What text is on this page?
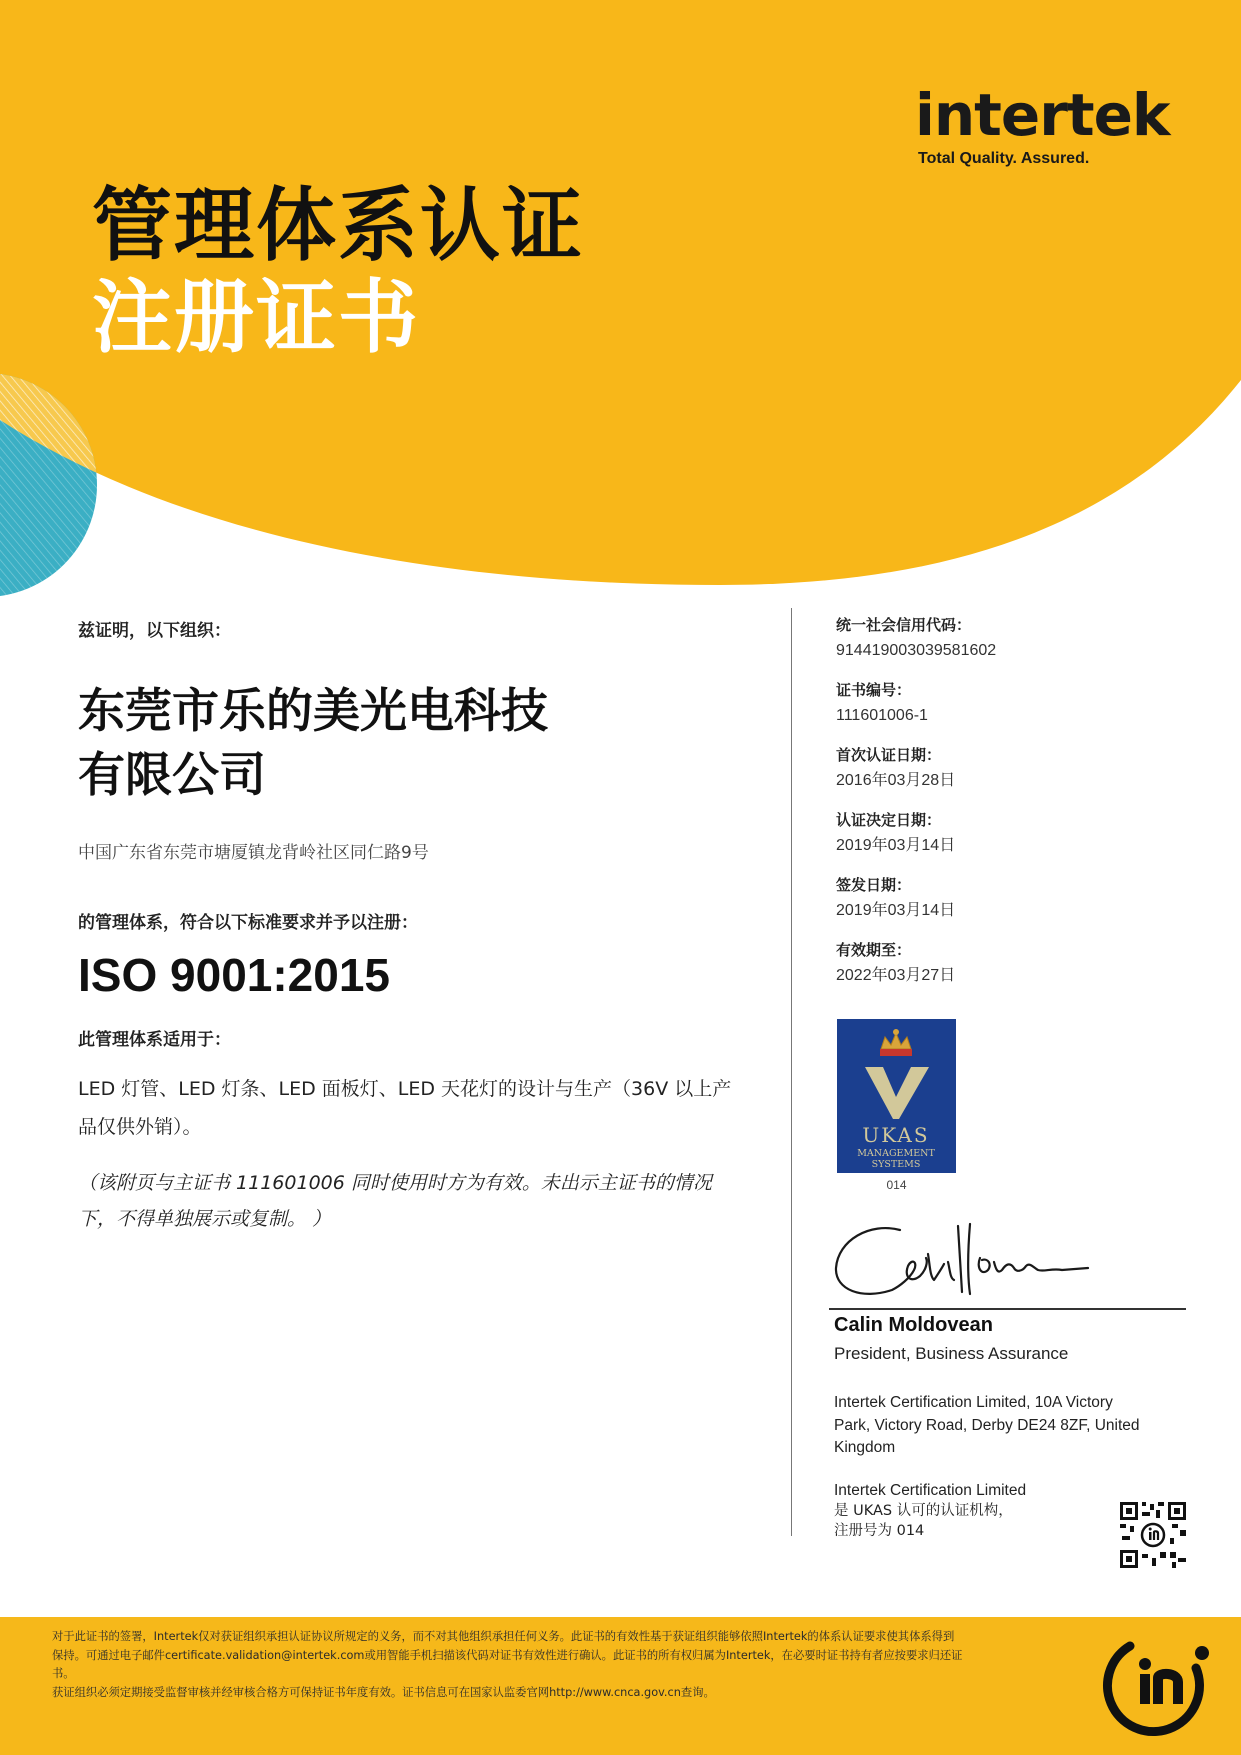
intertek
Total Quality. Assured.
管理体系认证
注册证书
兹证明，以下组织：
东莞市乐的美光电科技
有限公司
中国广东省东莞市塘厦镇龙背岭社区同仁路9号
的管理体系，符合以下标准要求并予以注册：
ISO 9001:2015
此管理体系适用于：
LED 灯管、LED 灯条、LED 面板灯、LED 天花灯的设计与生产（36V 以上产
品仅供外销）。
（该附页与主证书 111601006 同时使用时方为有效。未出示主证书的情况
下，不得单独展示或复制。 ）
统一社会信用代码：
914419003039581602
证书编号：
111601006-1
首次认证日期：
2016年03月28日
认证决定日期：
2019年03月14日
签发日期：
2019年03月14日
有效期至：
2022年03月27日
UKAS
MANAGEMENT
SYSTEMS
014
Calin Moldovean
President, Business Assurance
Intertek Certification Limited, 10A Victory
Park, Victory Road, Derby DE24 8ZF, United
Kingdom
Intertek Certification Limited
是 UKAS 认可的认证机构，
注册号为 014
对于此证书的签署，Intertek仅对获证组织承担认证协议所规定的义务，而不对其他组织承担任何义务。此证书的有效性基于获证组织能够依照Intertek的体系认证要求使其体系得到
保持。可通过电子邮件certificate.validation@intertek.com或用智能手机扫描该代码对证书有效性进行确认。此证书的所有权归属为Intertek，在必要时证书持有者应按要求归还证
书。
获证组织必须定期接受监督审核并经审核合格方可保持证书年度有效。证书信息可在国家认监委官网http://www.cnca.gov.cn查询。
